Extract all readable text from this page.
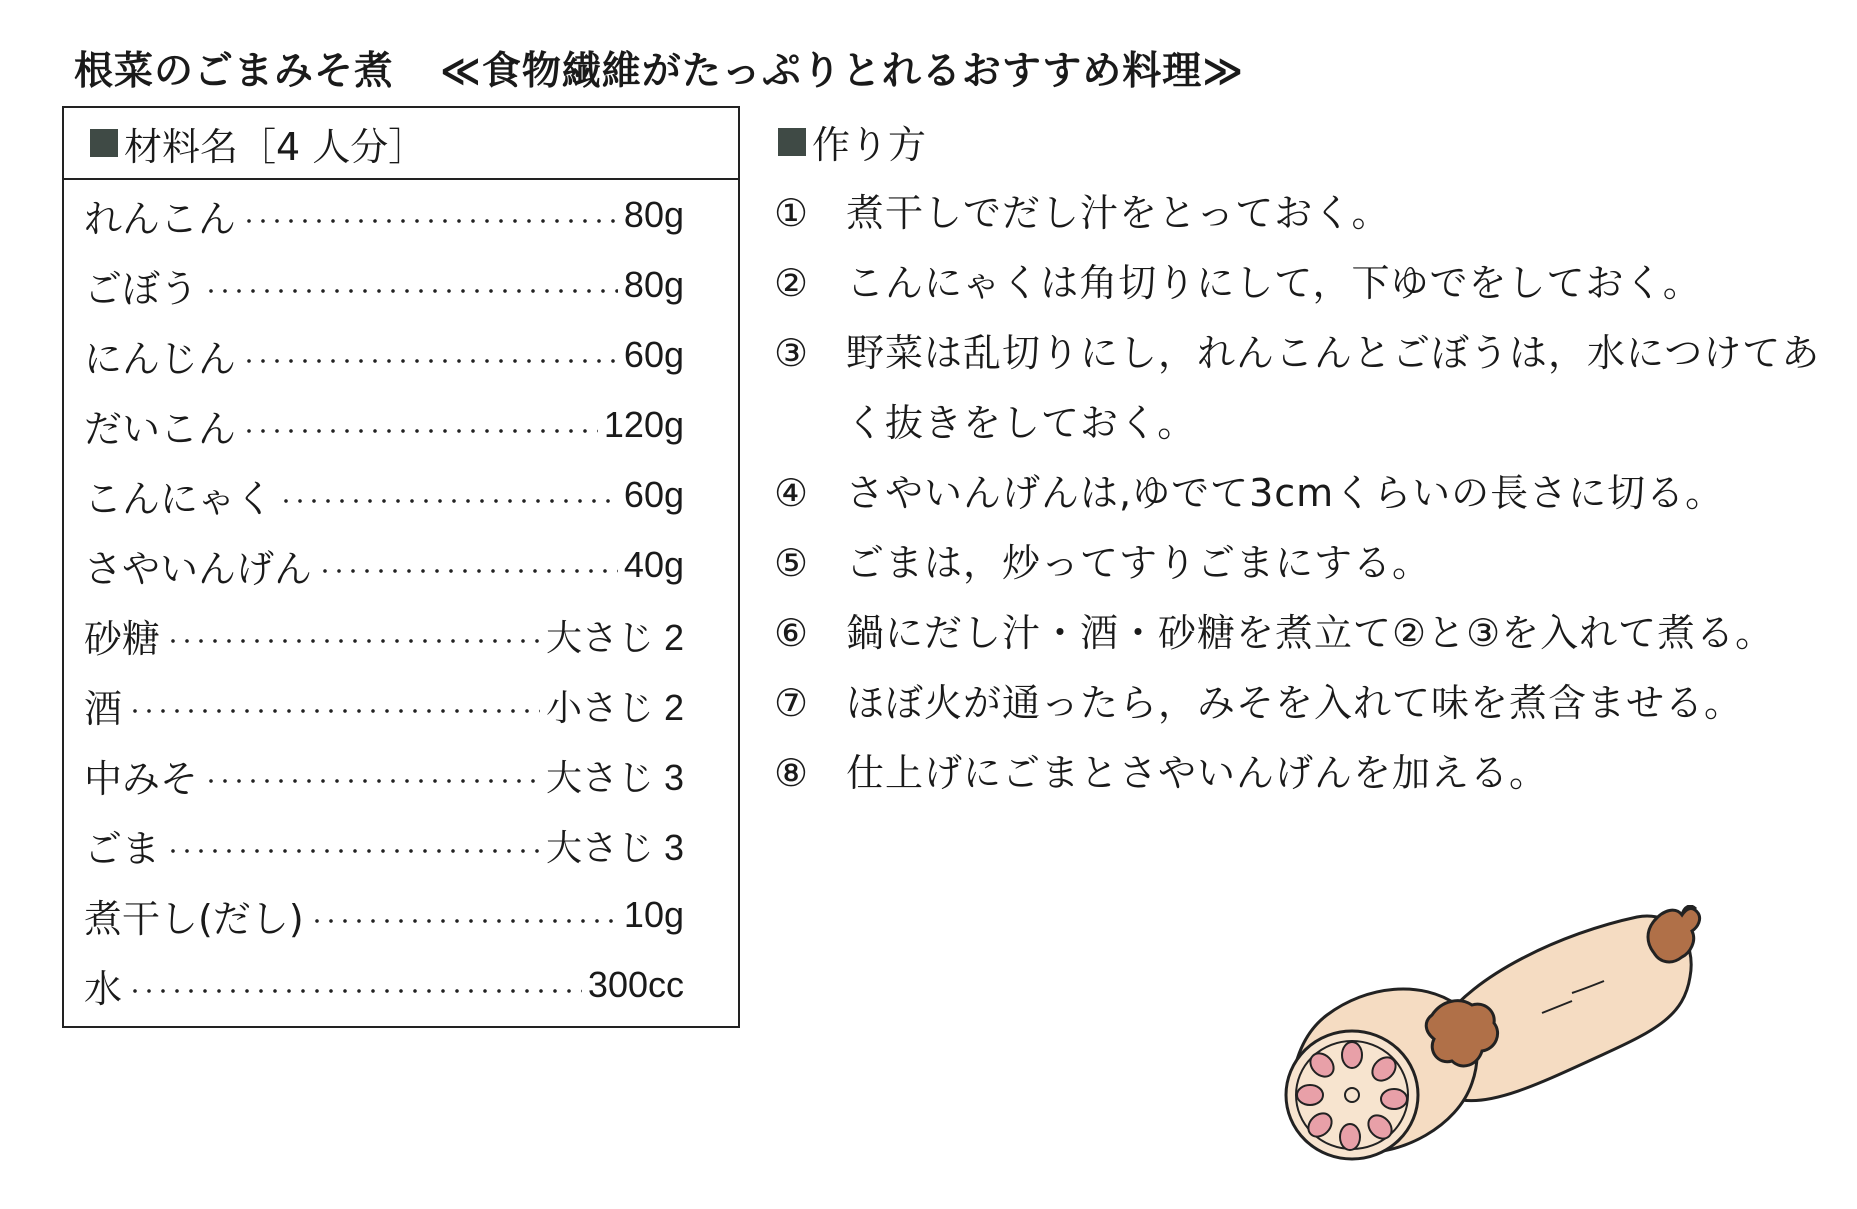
根菜のごまみそ煮 ≪食物繊維がたっぷりとれるおすすめ料理≫
材料名［4 人分］
れんこん	80g
ごぼう	80g
にんじん	60g
だいこん	120g
こんにゃく	60g
さやいんげん	40g
砂糖	大さじ 2
酒	小さじ 2
中みそ	大さじ 3
ごま	大さじ 3
煮干し(だし)	10g
水	300cc
作り方
① 煮干しでだし汁をとっておく。
② こんにゃくは角切りにして，下ゆでをしておく。
③ 野菜は乱切りにし，れんこんとごぼうは，水につけてあく抜きをしておく。
④ さやいんげんは,ゆでて3cmくらいの長さに切る。
⑤ ごまは，炒ってすりごまにする。
⑥ 鍋にだし汁・酒・砂糖を煮立て②と③を入れて煮る。
⑦ ほぼ火が通ったら，みそを入れて味を煮含ませる。
⑧ 仕上げにごまとさやいんげんを加える。
